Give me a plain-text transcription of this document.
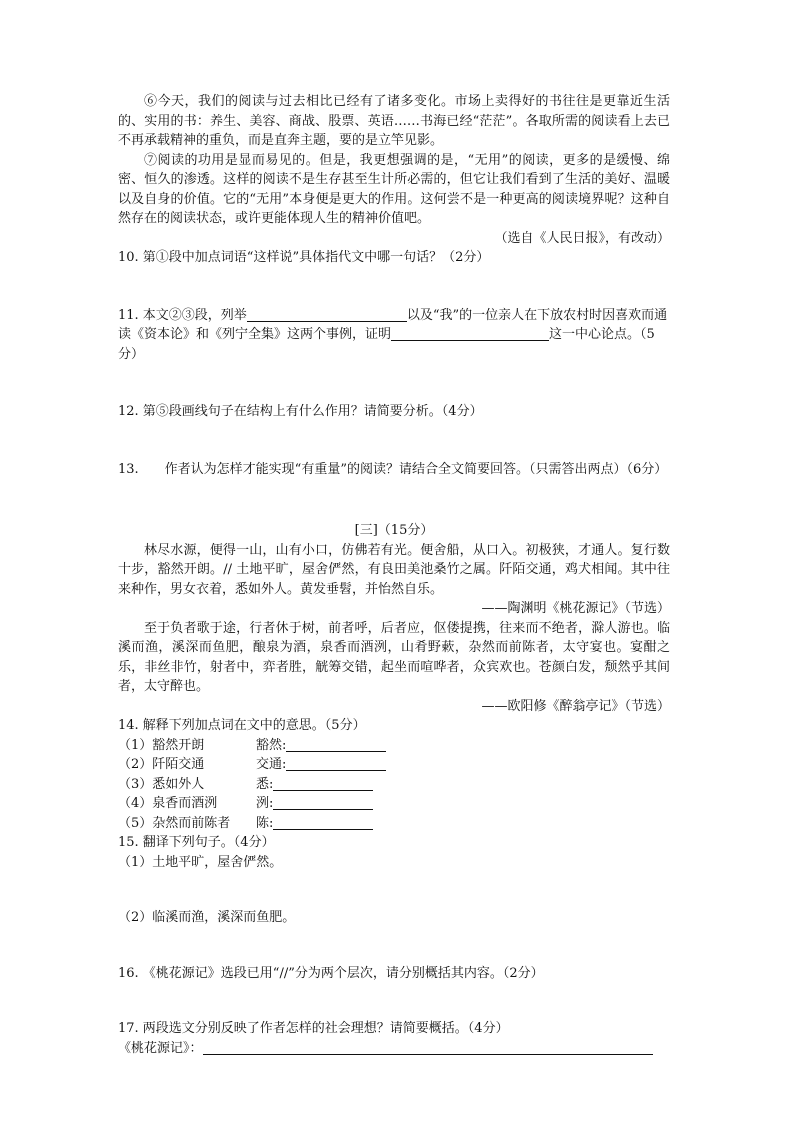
⑥今天，我们的阅读与过去相比已经有了诸多变化。市场上卖得好的书往往是更靠近生活的、实用的书：养生、美容、商战、股票、英语……书海已经“茫茫”。各取所需的阅读看上去已不再承载精神的重负，而是直奔主题，要的是立竿见影。

⑦阅读的功用是显而易见的。但是，我更想强调的是，“无用”的阅读，更多的是缓慢、绵密、恒久的渗透。这样的阅读不是生存甚至生计所必需的，但它让我们看到了生活的美好、温暖以及自身的价值。它的“无用”本身便是更大的作用。这何尝不是一种更高的阅读境界呢？这种自然存在的阅读状态，或许更能体现人生的精神价值吧。

（选自《人民日报》，有改动）

10. 第①段中加点词语“这样说”具体指代文中哪一句话？（2分）

11. 本文②③段，列举	以及“我”的一位亲人在下放农村时因喜欢而通读《资本论》和《列宁全集》这两个事例，证明	这一中心论点。（5分）

12. 第⑤段画线句子在结构上有什么作用？请简要分析。（4分）

13.　　作者认为怎样才能实现“有重量”的阅读？请结合全文简要回答。（只需答出两点）（6分）

[三]（15分）

林尽水源，便得一山，山有小口，仿佛若有光。便舍船，从口入。初极狭，才通人。复行数十步，豁然开朗。// 土地平旷，屋舍俨然，有良田美池桑竹之属。阡陌交通，鸡犬相闻。其中往来种作，男女衣着，悉如外人。黄发垂髫，并怡然自乐。

——陶渊明《桃花源记》（节选）

至于负者歌于途，行者休于树，前者呼，后者应，伛偻提携，往来而不绝者，滁人游也。临溪而渔，溪深而鱼肥，酿泉为酒，泉香而酒洌，山肴野蔌，杂然而前陈者，太守宴也。宴酣之乐，非丝非竹，射者中，弈者胜，觥筹交错，起坐而喧哗者，众宾欢也。苍颜白发，颓然乎其间者，太守醉也。

——欧阳修《醉翁亭记》（节选）

14. 解释下列加点词在文中的意思。（5分）

（1）豁然开朗	豁然:

（2）阡陌交通	交通:

（3）悉如外人	悉:

（4）泉香而酒洌	洌:

（5）杂然而前陈者 陈:

15. 翻译下列句子。（4分）

（1）土地平旷，屋舍俨然。

（2）临溪而渔，溪深而鱼肥。

16. 《桃花源记》选段已用“//”分为两个层次，请分别概括其内容。（2分）

17. 两段选文分别反映了作者怎样的社会理想？请简要概括。（4分）

《桃花源记》：
